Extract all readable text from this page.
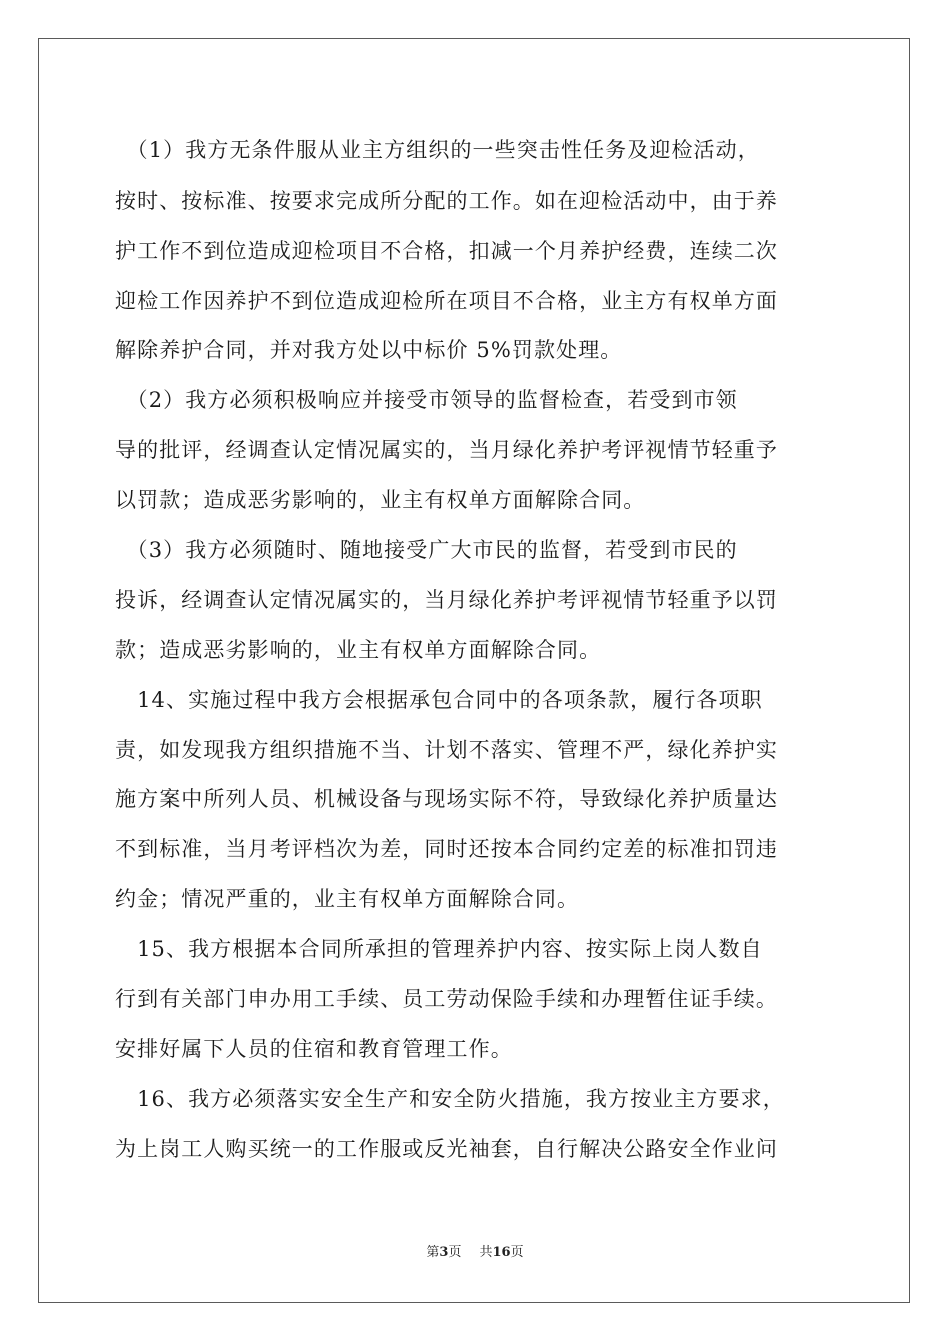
　（1）我方无条件服从业主方组织的一些突击性任务及迎检活动，
按时、按标准、按要求完成所分配的工作。如在迎检活动中，由于养
护工作不到位造成迎检项目不合格，扣减一个月养护经费，连续二次
迎检工作因养护不到位造成迎检所在项目不合格，业主方有权单方面
解除养护合同，并对我方处以中标价 5%罚款处理。
　（2）我方必须积极响应并接受市领导的监督检查，若受到市领
导的批评，经调查认定情况属实的，当月绿化养护考评视情节轻重予
以罚款；造成恶劣影响的，业主有权单方面解除合同。
　（3）我方必须随时、随地接受广大市民的监督，若受到市民的
投诉，经调查认定情况属实的，当月绿化养护考评视情节轻重予以罚
款；造成恶劣影响的，业主有权单方面解除合同。
　14、实施过程中我方会根据承包合同中的各项条款，履行各项职
责，如发现我方组织措施不当、计划不落实、管理不严，绿化养护实
施方案中所列人员、机械设备与现场实际不符，导致绿化养护质量达
不到标准，当月考评档次为差，同时还按本合同约定差的标准扣罚违
约金；情况严重的，业主有权单方面解除合同。
　15、我方根据本合同所承担的管理养护内容、按实际上岗人数自
行到有关部门申办用工手续、员工劳动保险手续和办理暂住证手续。
安排好属下人员的住宿和教育管理工作。
　16、我方必须落实安全生产和安全防火措施，我方按业主方要求，
为上岗工人购买统一的工作服或反光袖套，自行解决公路安全作业问
第3页 共16页
